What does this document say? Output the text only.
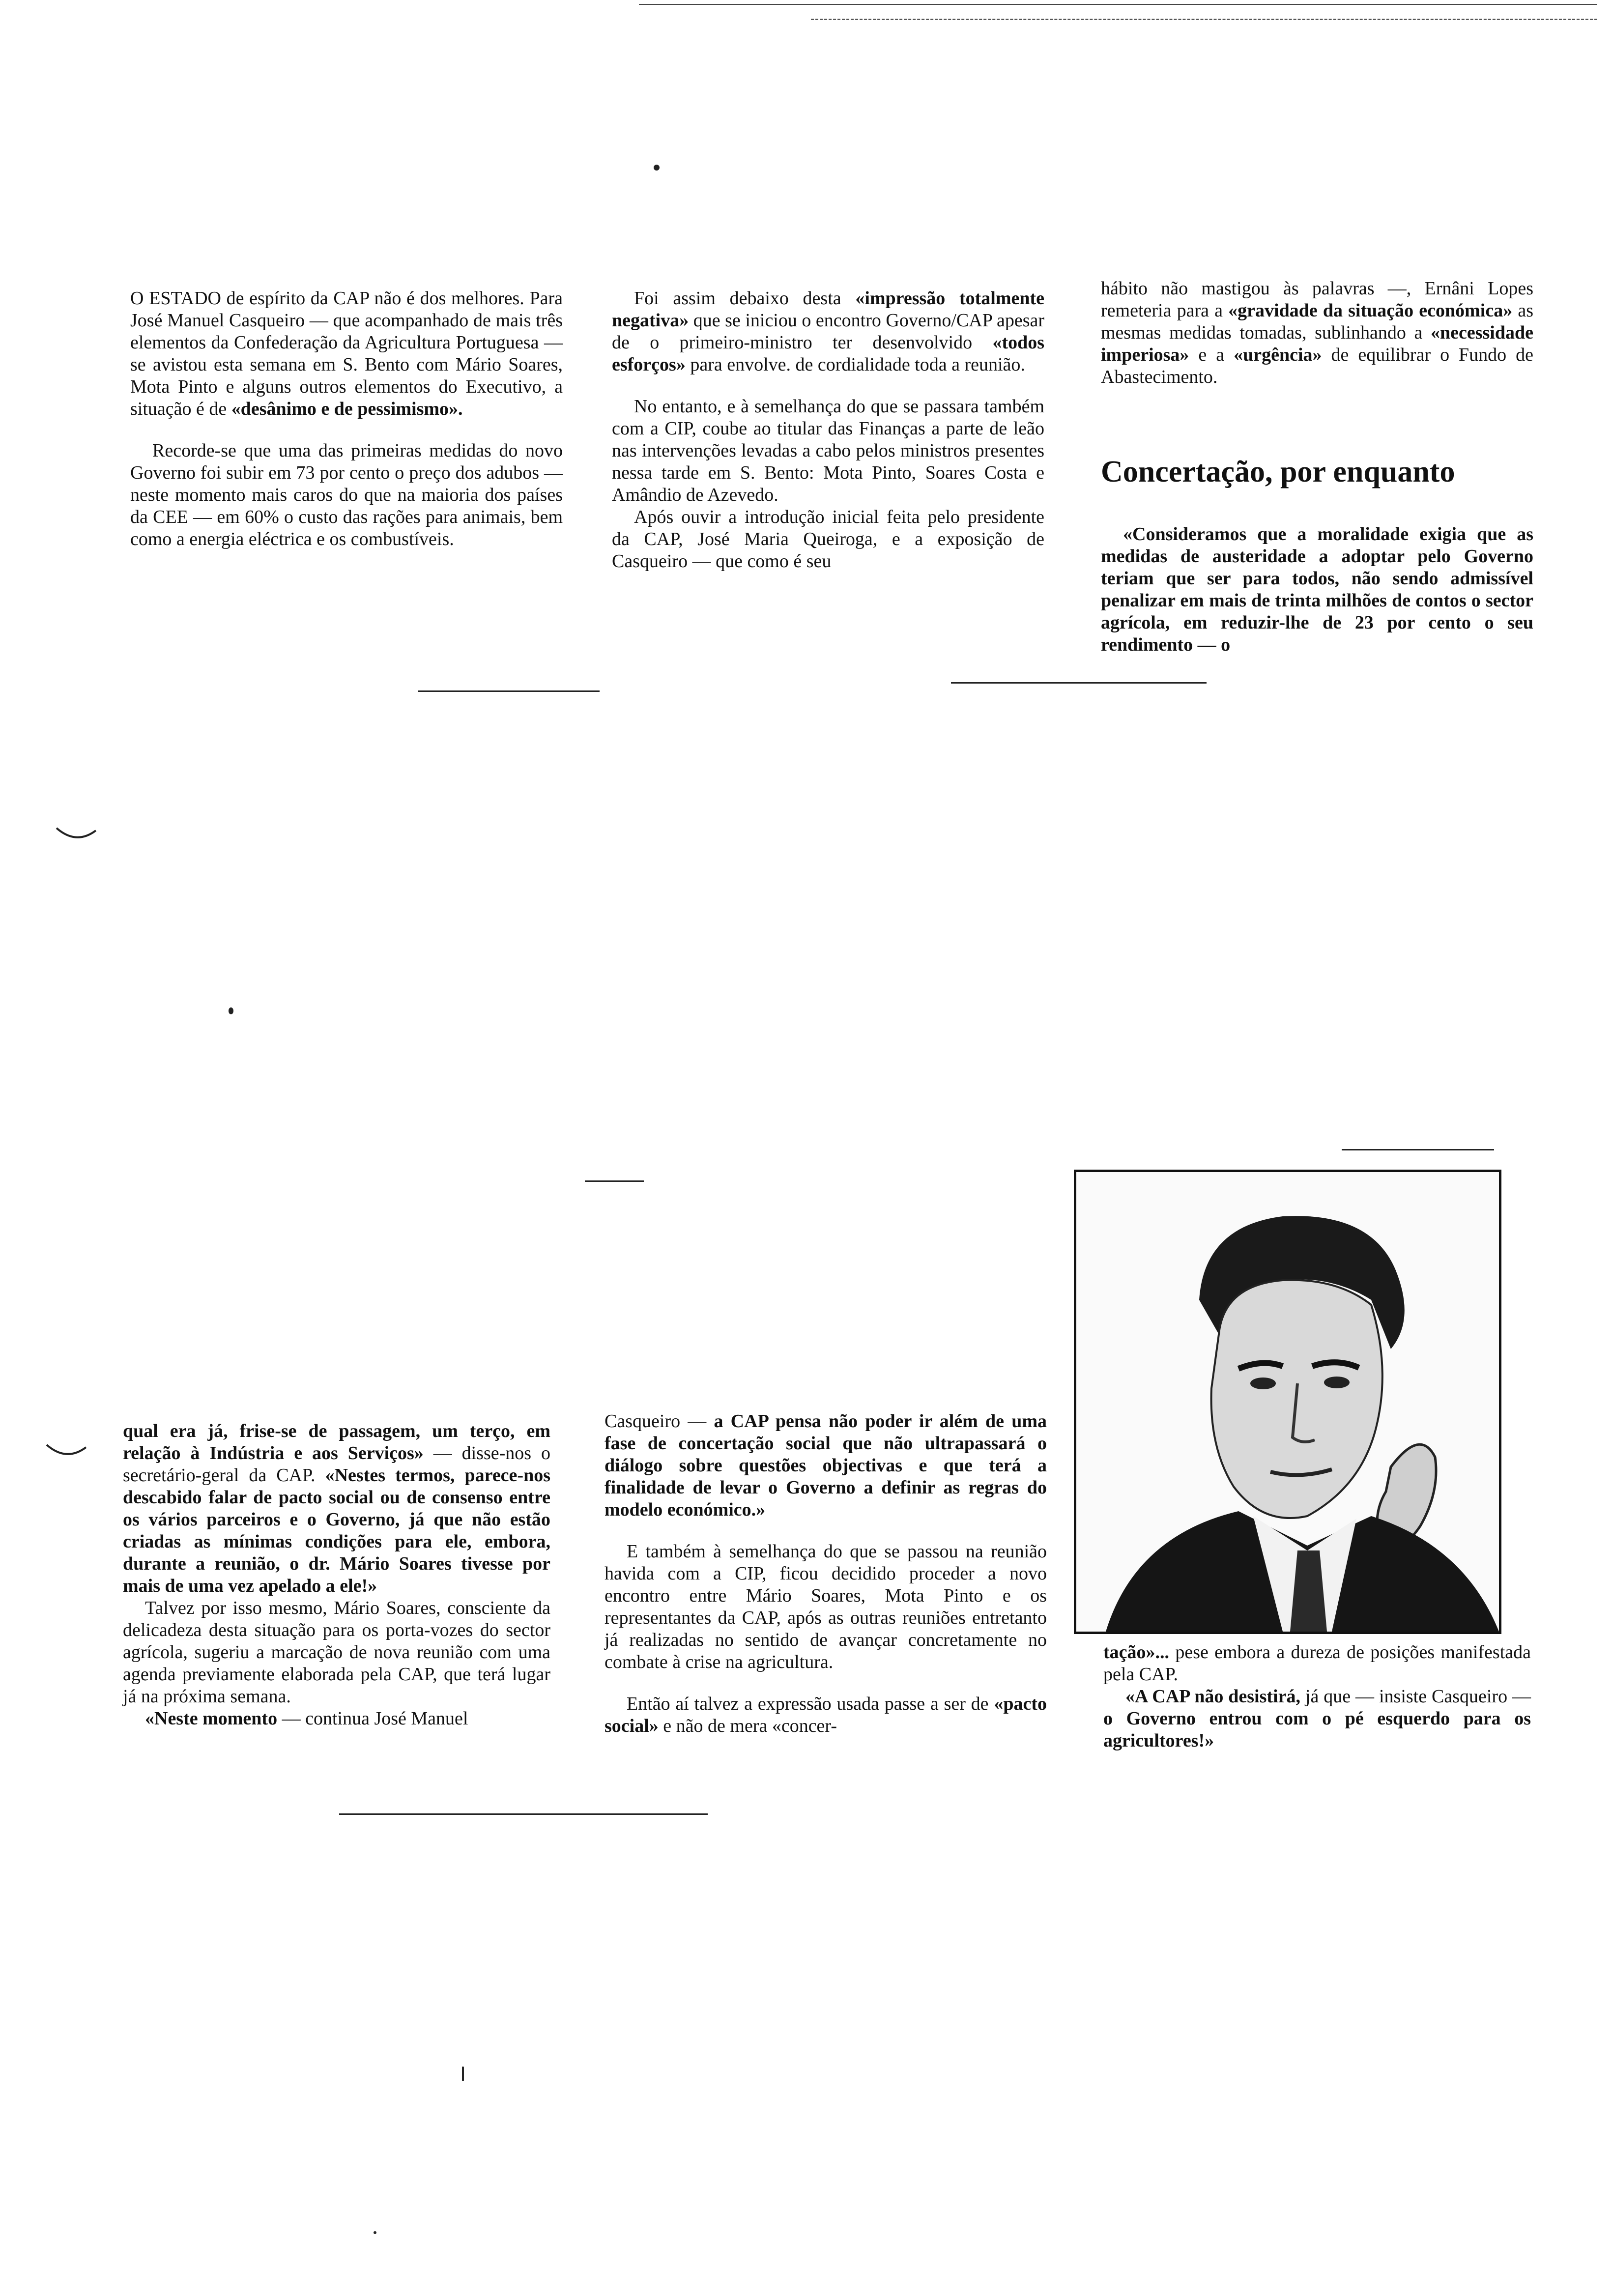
O ESTADO de espírito da CAP não é dos melhores. Para José Manuel Casqueiro — que acompanhado de mais três elementos da Confederação da Agricultura Portuguesa — se avistou esta semana em S. Bento com Mário Soares, Mota Pinto e alguns outros elementos do Executivo, a situação é de «desânimo e de pessimismo».

Recorde-se que uma das primeiras medidas do novo Governo foi subir em 73 por cento o preço dos adubos — neste momento mais caros do que na maioria dos países da CEE — em 60% o custo das rações para animais, bem como a energia eléctrica e os combustíveis.

Foi assim debaixo desta «impressão totalmente negativa» que se iniciou o encontro Governo/CAP apesar de o primeiro-ministro ter desenvolvido «todos esforços» para envolve. de cordialidade toda a reunião.

No entanto, e à semelhança do que se passara também com a CIP, coube ao titular das Finanças a parte de leão nas intervenções levadas a cabo pelos ministros presentes nessa tarde em S. Bento: Mota Pinto, Soares Costa e Amândio de Azevedo.

Após ouvir a introdução inicial feita pelo presidente da CAP, José Maria Queiroga, e a exposição de Casqueiro — que como é seu

hábito não mastigou às palavras —, Ernâni Lopes remeteria para a «gravidade da situação económica» as mesmas medidas tomadas, sublinhando a «necessidade imperiosa» e a «urgência» de equilibrar o Fundo de Abastecimento.

Concertação, por enquanto

«Consideramos que a moralidade exigia que as medidas de austeridade a adoptar pelo Governo teriam que ser para todos, não sendo admissível penalizar em mais de trinta milhões de contos o sector agrícola, em reduzir-lhe de 23 por cento o seu rendimento — o

qual era já, frise-se de passagem, um terço, em relação à Indústria e aos Serviços» — disse-nos o secretário-geral da CAP. «Nestes termos, parece-nos descabido falar de pacto social ou de consenso entre os vários parceiros e o Governo, já que não estão criadas as mínimas condições para ele, embora, durante a reunião, o dr. Mário Soares tivesse por mais de uma vez apelado a ele!»

Talvez por isso mesmo, Mário Soares, consciente da delicadeza desta situação para os porta-vozes do sector agrícola, sugeriu a marcação de nova reunião com uma agenda previamente elaborada pela CAP, que terá lugar já na próxima semana.

«Neste momento — continua José Manuel

Casqueiro — a CAP pensa não poder ir além de uma fase de concertação social que não ultrapassará o diálogo sobre questões objectivas e que terá a finalidade de levar o Governo a definir as regras do modelo económico.»

E também à semelhança do que se passou na reunião havida com a CIP, ficou decidido proceder a novo encontro entre Mário Soares, Mota Pinto e os representantes da CAP, após as outras reuniões entretanto já realizadas no sentido de avançar concretamente no combate à crise na agricultura.

Então aí talvez a expressão usada passe a ser de «pacto social» e não de mera «concer-

tação»... pese embora a dureza de posições manifestada pela CAP.

«A CAP não desistirá, já que — insiste Casqueiro — o Governo entrou com o pé esquerdo para os agricultores!»
